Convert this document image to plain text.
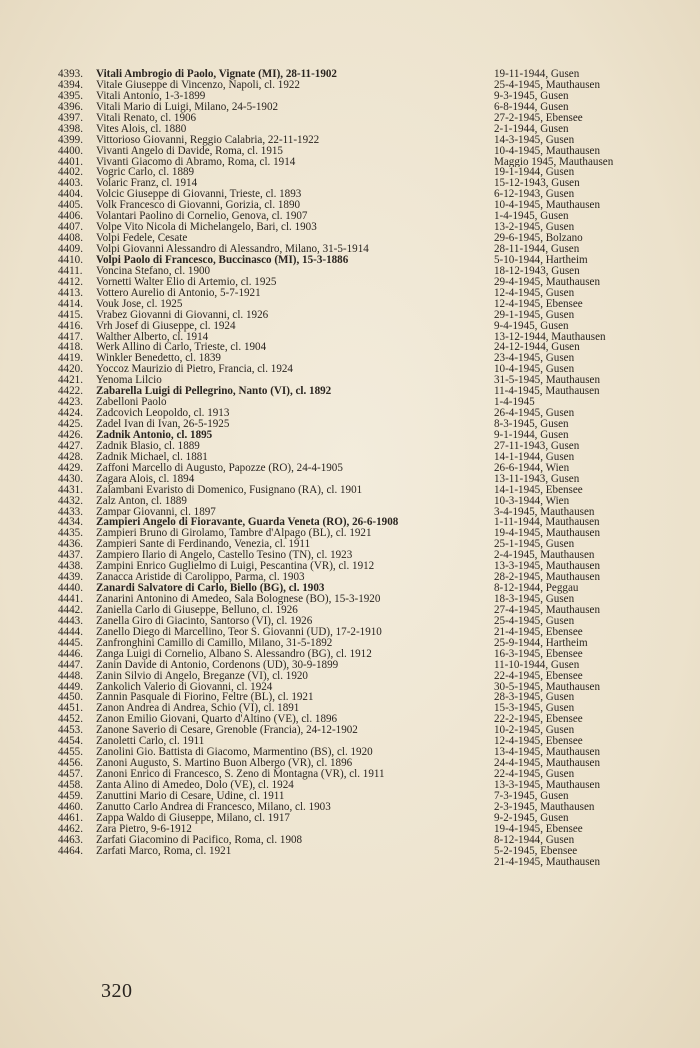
4393.	Vitali Ambrogio di Paolo, Vignate (MI), 28-11-1902	19-11-1944, Gusen
4394.	Vitale Giuseppe di Vincenzo, Napoli, cl. 1922	25-4-1945, Mauthausen
4395.	Vitali Antonio, 1-3-1899	9-3-1945, Gusen
4396.	Vitali Mario di Luigi, Milano, 24-5-1902	6-8-1944, Gusen
4397.	Vitali Renato, cl. 1906	27-2-1945, Ebensee
4398.	Vites Alois, cl. 1880	2-1-1944, Gusen
4399.	Vittorioso Giovanni, Reggio Calabria, 22-11-1922	14-3-1945, Gusen
4400.	Vivanti Angelo di Davide, Roma, cl. 1915	10-4-1945, Mauthausen
4401.	Vivanti Giacomo di Abramo, Roma, cl. 1914	Maggio 1945, Mauthausen
4402.	Vogric Carlo, cl. 1889	19-1-1944, Gusen
4403.	Volaric Franz, cl. 1914	15-12-1943, Gusen
4404.	Volcic Giuseppe di Giovanni, Trieste, cl. 1893	6-12-1943, Gusen
4405.	Volk Francesco di Giovanni, Gorizia, cl. 1890	10-4-1945, Mauthausen
4406.	Volantari Paolino di Cornelio, Genova, cl. 1907	1-4-1945, Gusen
4407.	Volpe Vito Nicola di Michelangelo, Bari, cl. 1903	13-2-1945, Gusen
4408.	Volpi Fedele, Cesate	29-6-1945, Bolzano
4409.	Volpi Giovanni Alessandro di Alessandro, Milano, 31-5-1914	28-11-1944, Gusen
4410.	Volpi Paolo di Francesco, Buccinasco (MI), 15-3-1886	5-10-1944, Hartheim
4411.	Voncina Stefano, cl. 1900	18-12-1943, Gusen
4412.	Vornetti Walter Elio di Artemio, cl. 1925	29-4-1945, Mauthausen
4413.	Vottero Aurelio di Antonio, 5-7-1921	12-4-1945, Gusen
4414.	Vouk Jose, cl. 1925	12-4-1945, Ebensee
4415.	Vrabez Giovanni di Giovanni, cl. 1926	29-1-1945, Gusen
4416.	Vrh Josef di Giuseppe, cl. 1924	9-4-1945, Gusen
4417.	Walther Alberto, cl. 1914	13-12-1944, Mauthausen
4418.	Werk Allino di Carlo, Trieste, cl. 1904	24-12-1944, Gusen
4419.	Winkler Benedetto, cl. 1839	23-4-1945, Gusen
4420.	Yoccoz Maurizio di Pietro, Francia, cl. 1924	10-4-1945, Gusen
4421.	Yenoma Lilcio	31-5-1945, Mauthausen
4422.	Zabarella Luigi di Pellegrino, Nanto (VI), cl. 1892	11-4-1945, Mauthausen
4423.	Zabelloni Paolo	1-4-1945
4424.	Zadcovich Leopoldo, cl. 1913	26-4-1945, Gusen
4425.	Zadel Ivan di Ivan, 26-5-1925	8-3-1945, Gusen
4426.	Zadnik Antonio, cl. 1895	9-1-1944, Gusen
4427.	Zadnik Blasio, cl. 1889	27-11-1943, Gusen
4428.	Zadnik Michael, cl. 1881	14-1-1944, Gusen
4429.	Zaffoni Marcello di Augusto, Papozze (RO), 24-4-1905	26-6-1944, Wien
4430.	Zagara Alois, cl. 1894	13-11-1943, Gusen
4431.	Zalambani Evaristo di Domenico, Fusignano (RA), cl. 1901	14-1-1945, Ebensee
4432.	Zalz Anton, cl. 1889	10-3-1944, Wien
4433.	Zampar Giovanni, cl. 1897	3-4-1945, Mauthausen
4434.	Zampieri Angelo di Fioravante, Guarda Veneta (RO), 26-6-1908	1-11-1944, Mauthausen
4435.	Zampieri Bruno di Girolamo, Tambre d'Alpago (BL), cl. 1921	19-4-1945, Mauthausen
4436.	Zampieri Sante di Ferdinando, Venezia, cl. 1911	25-1-1945, Gusen
4437.	Zampiero Ilario di Angelo, Castello Tesino (TN), cl. 1923	2-4-1945, Mauthausen
4438.	Zampini Enrico Guglielmo di Luigi, Pescantina (VR), cl. 1912	13-3-1945, Mauthausen
4439.	Zanacca Aristide di Carolippo, Parma, cl. 1903	28-2-1945, Mauthausen
4440.	Zanardi Salvatore di Carlo, Biello (BG), cl. 1903	8-12-1944, Peggau
4441.	Zanarini Antonino di Amedeo, Sala Bolognese (BO), 15-3-1920	18-3-1945, Gusen
4442.	Zaniella Carlo di Giuseppe, Belluno, cl. 1926	27-4-1945, Mauthausen
4443.	Zanella Giro di Giacinto, Santorso (VI), cl. 1926	25-4-1945, Gusen
4444.	Zanello Diego di Marcellino, Teor S. Giovanni (UD), 17-2-1910	21-4-1945, Ebensee
4445.	Zanfronghini Camillo di Camillo, Milano, 31-5-1892	25-9-1944, Hartheim
4446.	Zanga Luigi di Cornelio, Albano S. Alessandro (BG), cl. 1912	16-3-1945, Ebensee
4447.	Zanin Davide di Antonio, Cordenons (UD), 30-9-1899	11-10-1944, Gusen
4448.	Zanin Silvio di Angelo, Breganze (VI), cl. 1920	22-4-1945, Ebensee
4449.	Zankolich Valerio di Giovanni, cl. 1924	30-5-1945, Mauthausen
4450.	Zannin Pasquale di Fiorino, Feltre (BL), cl. 1921	28-3-1945, Gusen
4451.	Zanon Andrea di Andrea, Schio (VI), cl. 1891	15-3-1945, Gusen
4452.	Zanon Emilio Giovani, Quarto d'Altino (VE), cl. 1896	22-2-1945, Ebensee
4453.	Zanone Saverio di Cesare, Grenoble (Francia), 24-12-1902	10-2-1945, Gusen
4454.	Zanoletti Carlo, cl. 1911	12-4-1945, Ebensee
4455.	Zanolini Gio. Battista di Giacomo, Marmentino (BS), cl. 1920	13-4-1945, Mauthausen
4456.	Zanoni Augusto, S. Martino Buon Albergo (VR), cl. 1896	24-4-1945, Mauthausen
4457.	Zanoni Enrico di Francesco, S. Zeno di Montagna (VR), cl. 1911	22-4-1945, Gusen
4458.	Zanta Alino di Amedeo, Dolo (VE), cl. 1924	13-3-1945, Mauthausen
4459.	Zanuttini Mario di Cesare, Udine, cl. 1911	7-3-1945, Gusen
4460.	Zanutto Carlo Andrea di Francesco, Milano, cl. 1903	2-3-1945, Mauthausen
4461.	Zappa Waldo di Giuseppe, Milano, cl. 1917	9-2-1945, Gusen
4462.	Zara Pietro, 9-6-1912	19-4-1945, Ebensee
4463.	Zarfati Giacomino di Pacifico, Roma, cl. 1908	8-12-1944, Gusen
4464.	Zarfati Marco, Roma, cl. 1921	5-2-1945, Ebensee
21-4-1945, Mauthausen
320
